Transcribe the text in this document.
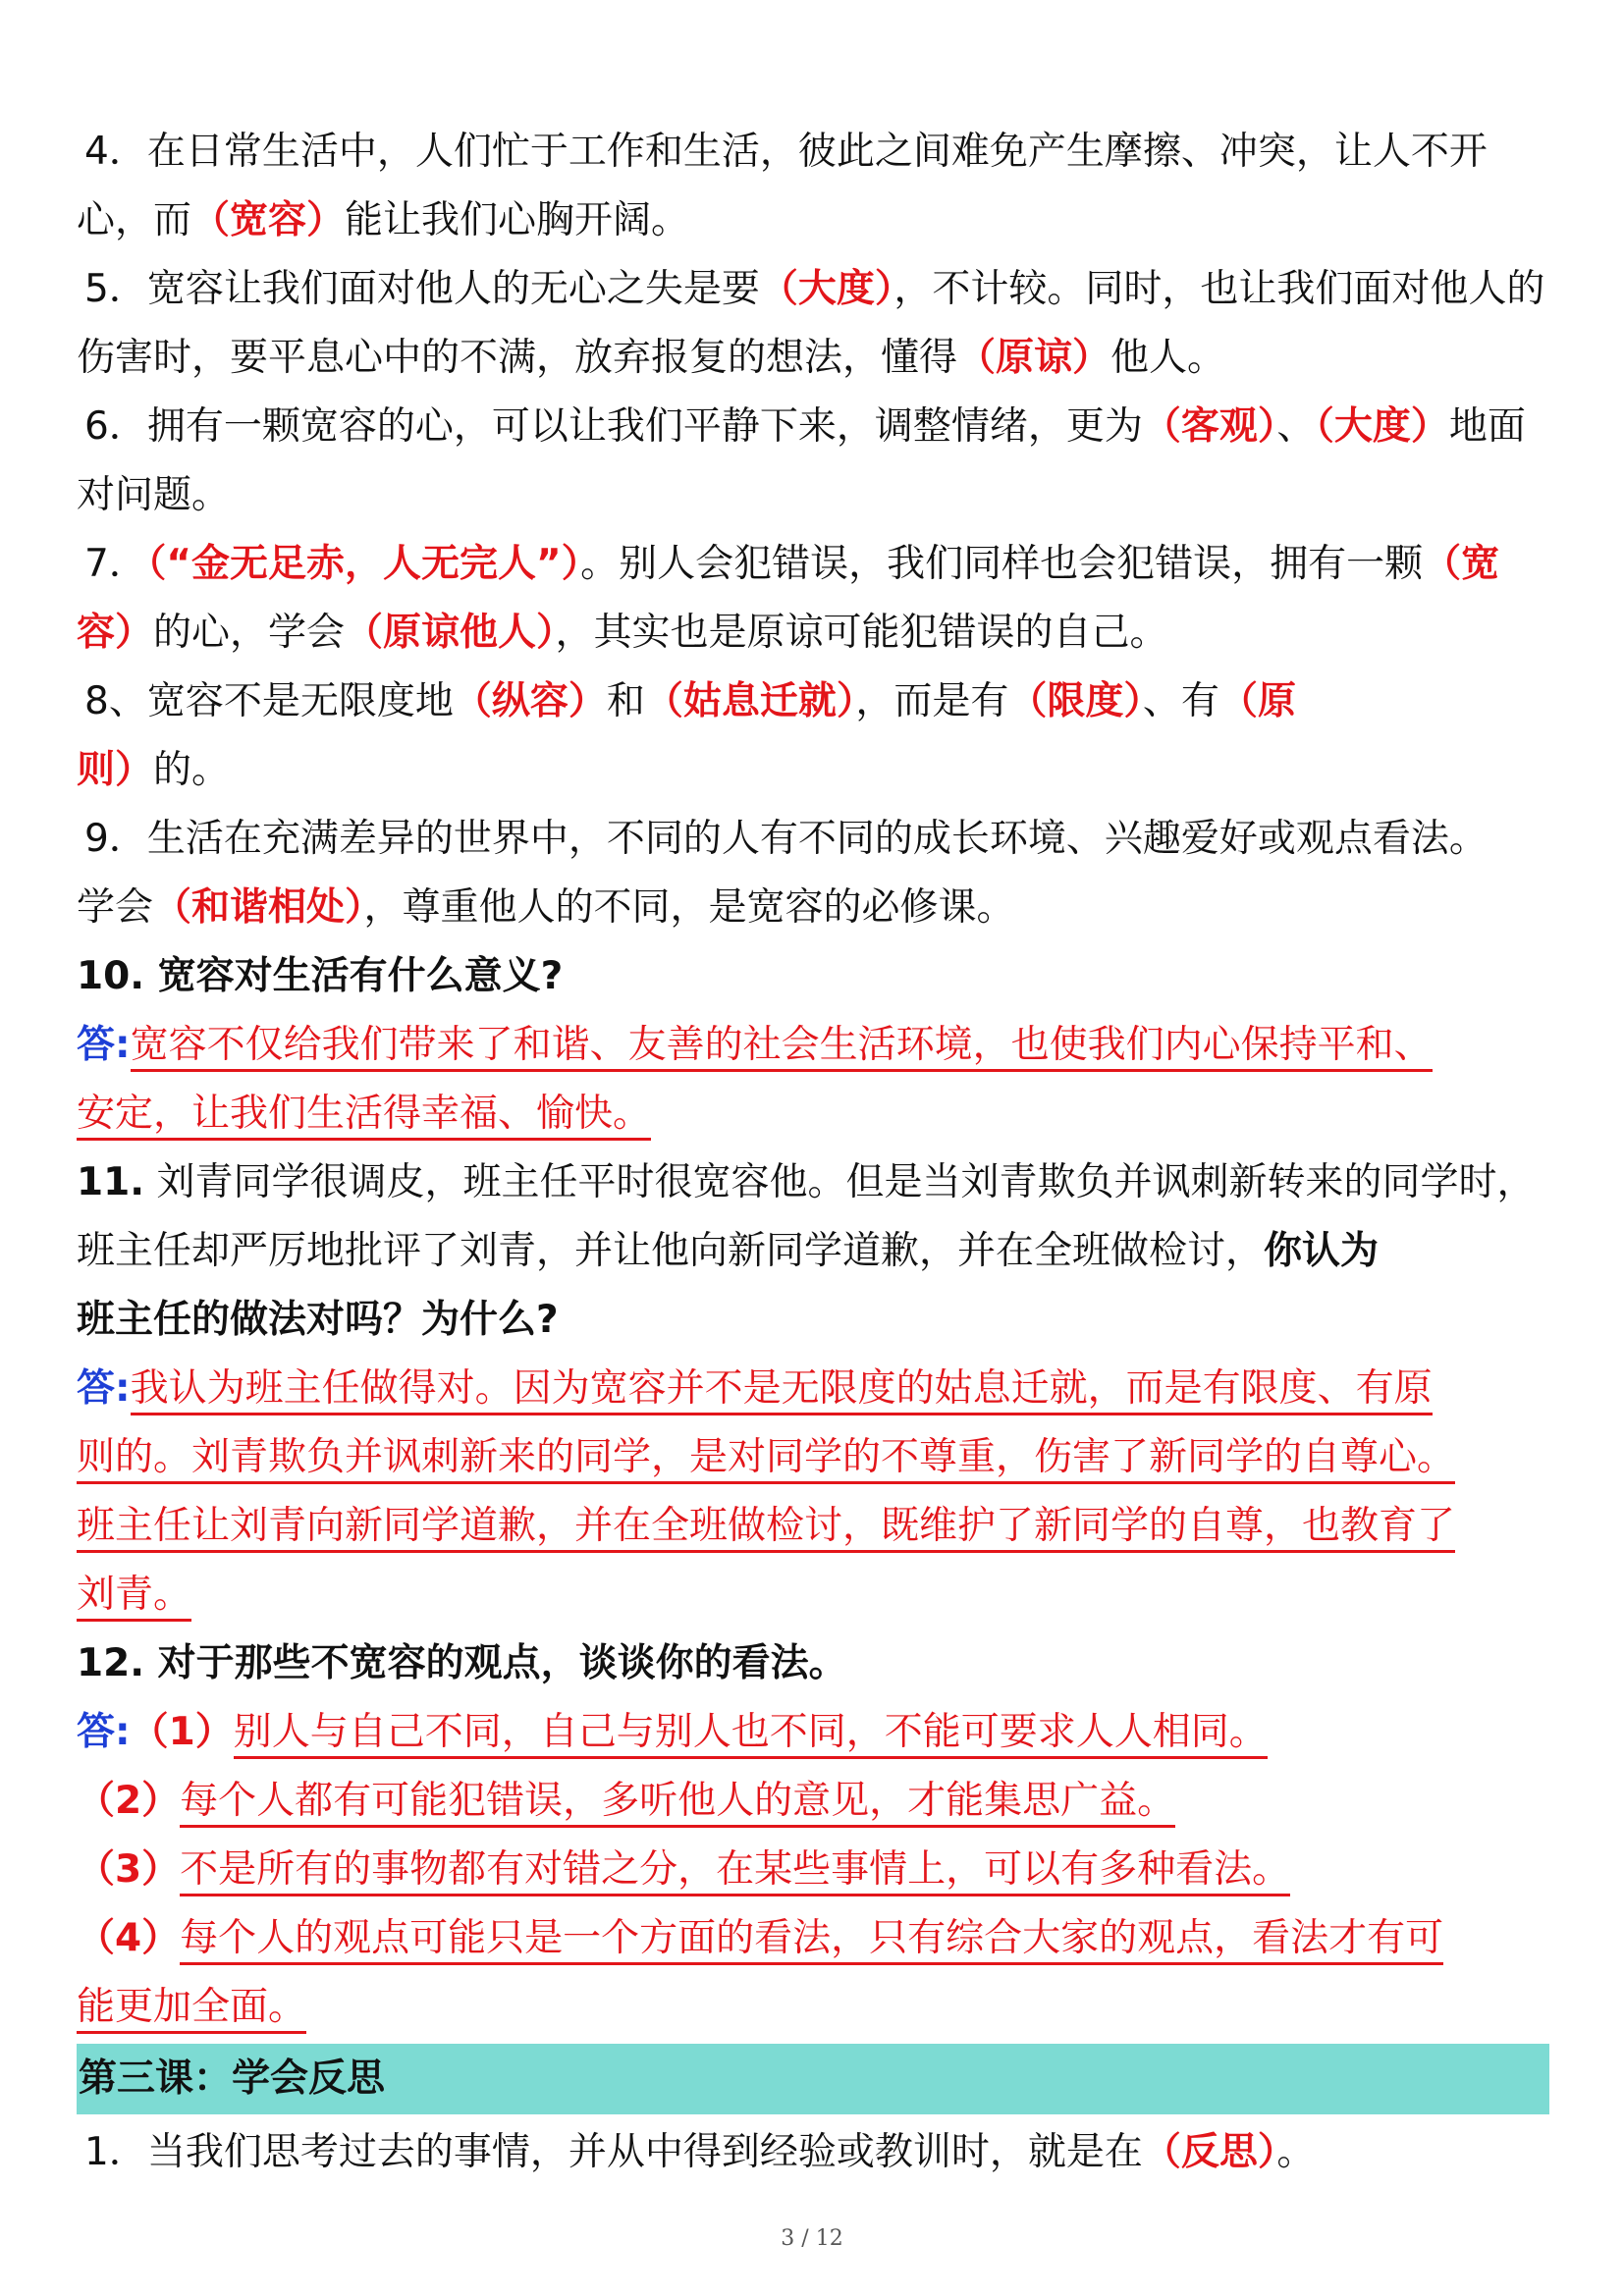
4．在日常生活中，人们忙于工作和生活，彼此之间难免产生摩擦、冲突，让人不开心，而（宽容）能让我们心胸开阔。

5．宽容让我们面对他人的无心之失是要（大度），不计较。同时，也让我们面对他人的伤害时，要平息心中的不满，放弃报复的想法，懂得（原谅）他人。

6．拥有一颗宽容的心，可以让我们平静下来，调整情绪，更为（客观）、（大度）地面对问题。

7．（“金无足赤，人无完人”）。别人会犯错误，我们同样也会犯错误，拥有一颗（宽容）的心，学会（原谅他人），其实也是原谅可能犯错误的自己。

8、宽容不是无限度地（纵容）和（姑息迁就），而是有（限度）、有（原
则）的。

9．生活在充满差异的世界中，不同的人有不同的成长环境、兴趣爱好或观点看法。
学会（和谐相处），尊重他人的不同，是宽容的必修课。

10. 宽容对生活有什么意义?

答:宽容不仅给我们带来了和谐、友善的社会生活环境，也使我们内心保持平和、
安定，让我们生活得幸福、愉快。

11. 刘青同学很调皮，班主任平时很宽容他。但是当刘青欺负并讽刺新转来的同学时，班主任却严厉地批评了刘青，并让他向新同学道歉，并在全班做检讨，你认为
班主任的做法对吗？为什么?

答:我认为班主任做得对。因为宽容并不是无限度的姑息迁就，而是有限度、有原
则的。刘青欺负并讽刺新来的同学，是对同学的不尊重，伤害了新同学的自尊心。
班主任让刘青向新同学道歉，并在全班做检讨，既维护了新同学的自尊，也教育了
刘青。

12. 对于那些不宽容的观点，谈谈你的看法。

答:（1）别人与自己不同，自己与别人也不同，不能可要求人人相同。
（2）每个人都有可能犯错误，多听他人的意见，才能集思广益。
（3）不是所有的事物都有对错之分，在某些事情上，可以有多种看法。
（4）每个人的观点可能只是一个方面的看法，只有综合大家的观点，看法才有可
能更加全面。

第三课：学会反思

1．当我们思考过去的事情，并从中得到经验或教训时，就是在（反思）。

3 / 12
